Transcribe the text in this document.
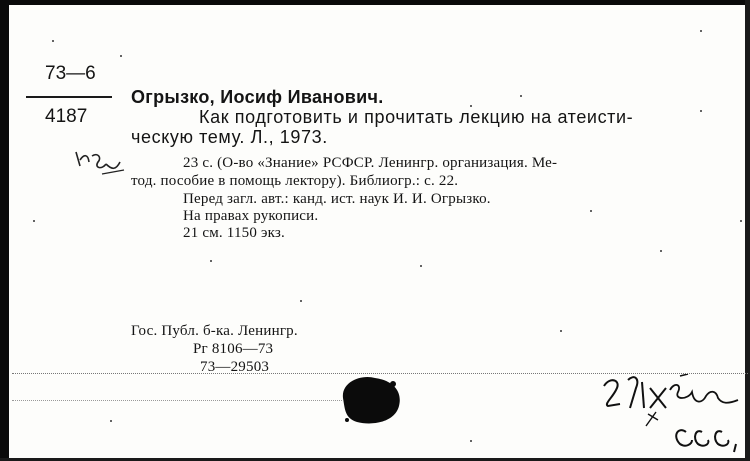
73—6
4187
Огрызко, Иосиф Иванович.
Как подготовить и прочитать лекцию на атеисти-
ческую тему. Л., 1973.
23 с. (О-во «Знание» РСФСР. Ленингр. организация. Ме-
тод. пособие в помощь лектору). Библиогр.: с. 22.
Перед загл. авт.: канд. ист. наук И. И. Огрызко.
На правах рукописи.
21 см. 1150 экз.
Гос. Публ. б-ка. Ленингр.
Рг 8106—73
73—29503
